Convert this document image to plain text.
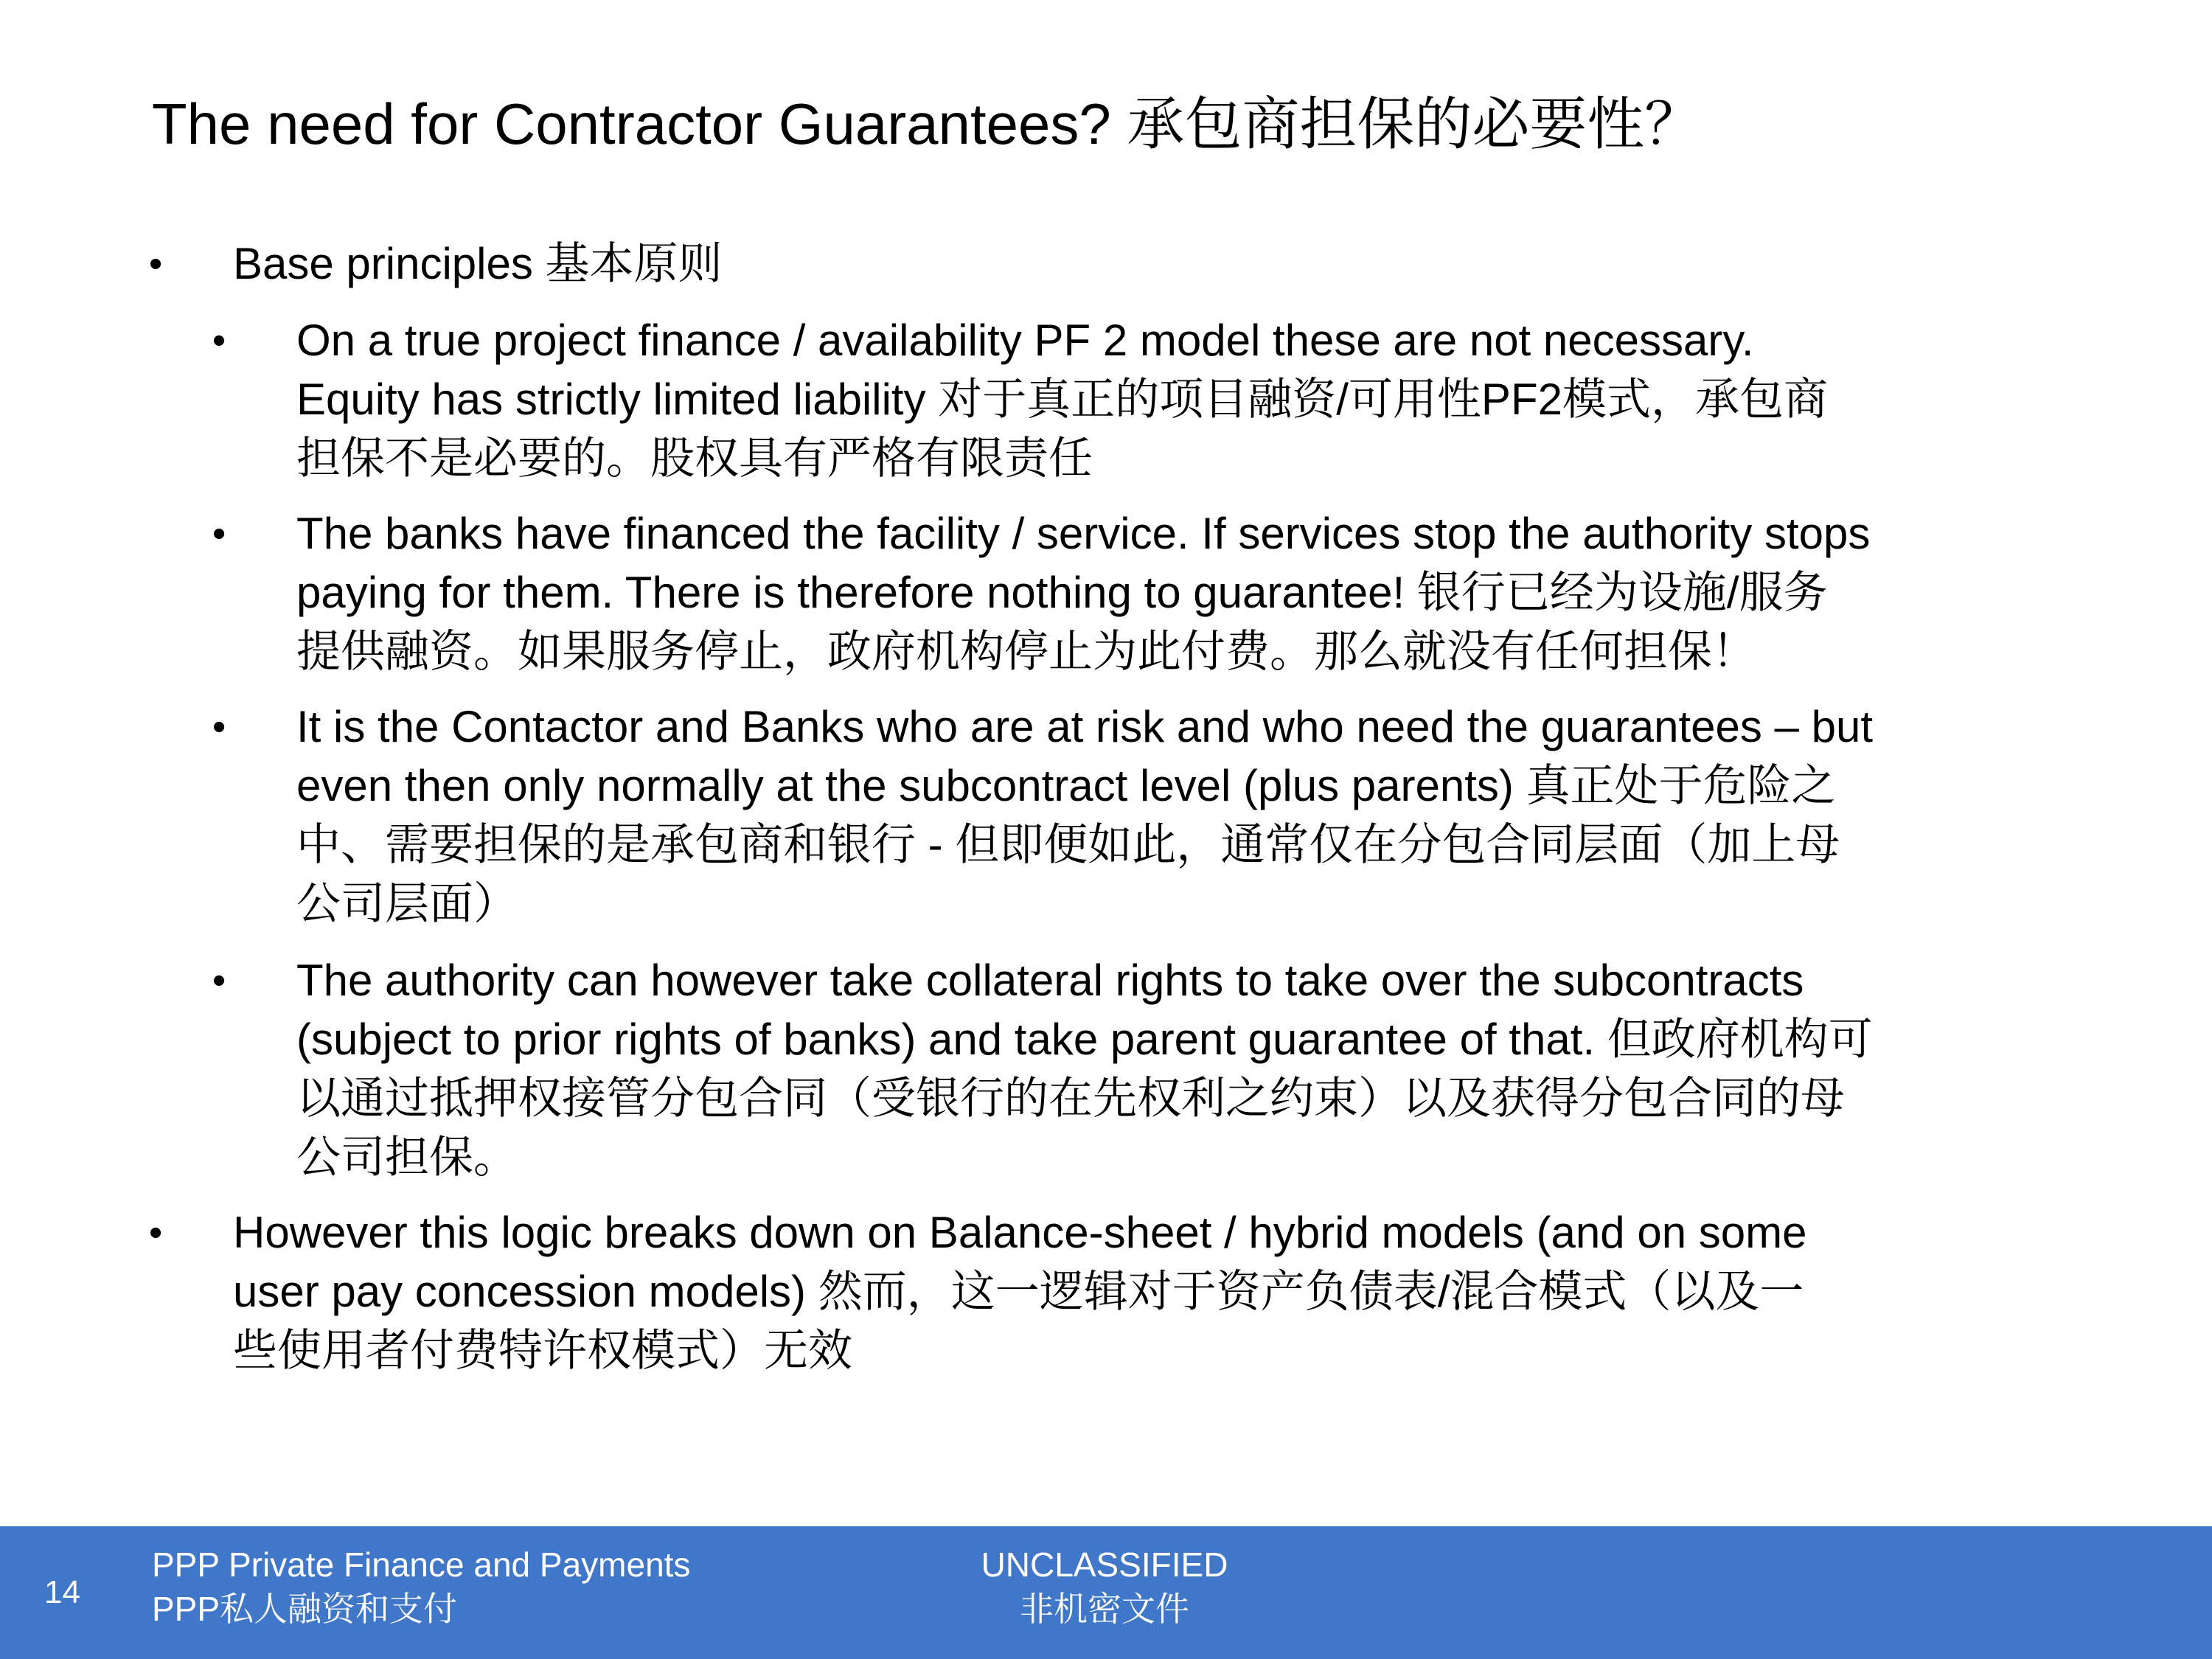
The need for Contractor Guarantees? 承包商担保的必要性？
• Base principles 基本原则
• On a true project finance / availability PF 2 model these are not necessary.
Equity has strictly limited liability 对于真正的项目融资/可用性PF2模式，承包商
担保不是必要的。股权具有严格有限责任
• The banks have financed the facility / service. If services stop the authority stops
paying for them. There is therefore nothing to guarantee! 银行已经为设施/服务
提供融资。如果服务停止，政府机构停止为此付费。那么就没有任何担保！
• It is the Contactor and Banks who are at risk and who need the guarantees – but
even then only normally at the subcontract level (plus parents) 真正处于危险之
中、需要担保的是承包商和银行 - 但即便如此，通常仅在分包合同层面（加上母
公司层面）
• The authority can however take collateral rights to take over the subcontracts
(subject to prior rights of banks) and take parent guarantee of that. 但政府机构可
以通过抵押权接管分包合同（受银行的在先权利之约束）以及获得分包合同的母
公司担保。
• However this logic breaks down on Balance-sheet / hybrid models (and on some
user pay concession models) 然而，这一逻辑对于资产负债表/混合模式（以及一
些使用者付费特许权模式）无效
14
PPP Private Finance and Payments
PPP私人融资和支付
UNCLASSIFIED
非机密文件
